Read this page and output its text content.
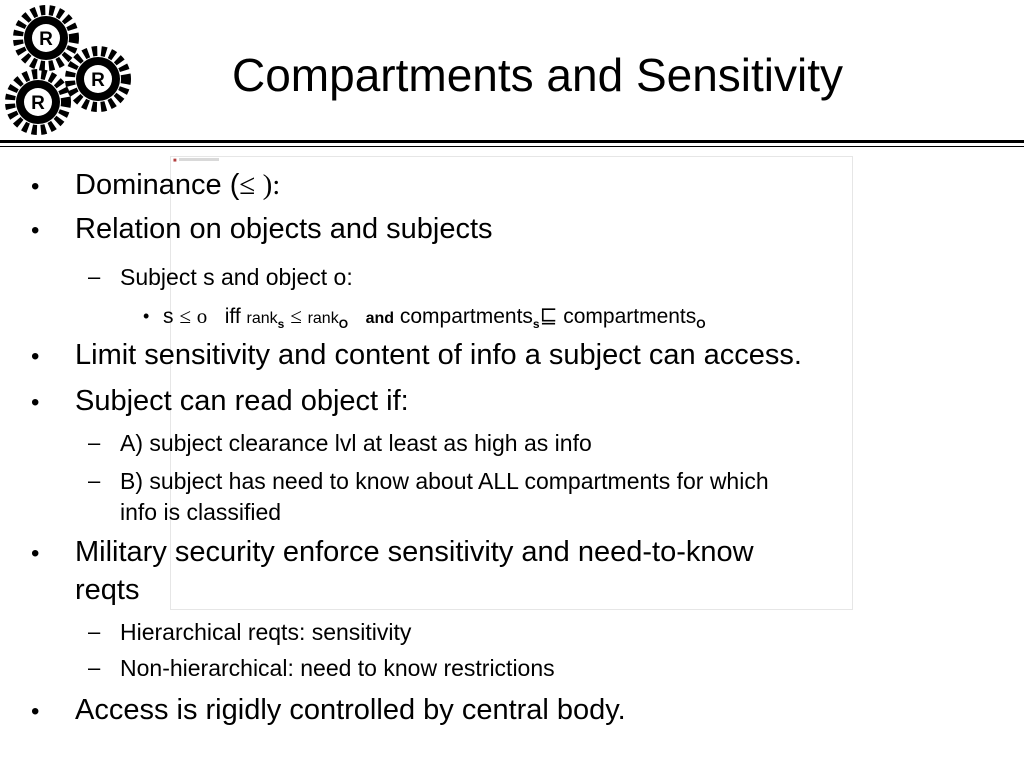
R
R
R
Compartments and Sensitivity
■
• Dominance (≤ ):
• Relation on objects and subjects
– Subject s and object o:
• s ≤ o iff rank$_s$ ≤ rank$_O$ and compartments$_s$⊑ compartments$_O$
• Limit sensitivity and content of info a subject can access.
• Subject can read object if:
– A) subject clearance lvl at least as high as info
– B) subject has need to know about ALL compartments for which
info is classified
• Military security enforce sensitivity and need-to-know
reqts
– Hierarchical reqts: sensitivity
– Non-hierarchical: need to know restrictions
• Access is rigidly controlled by central body.
